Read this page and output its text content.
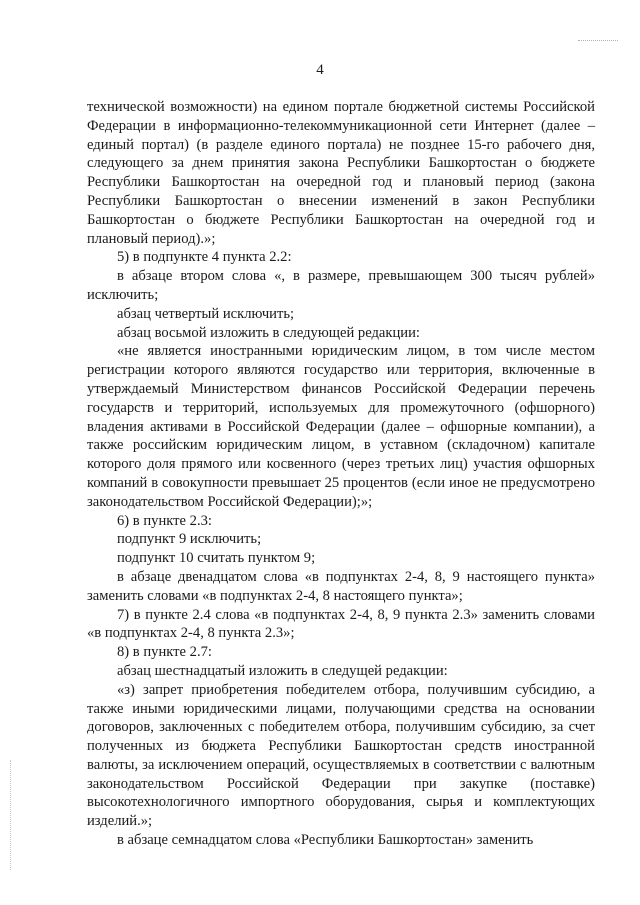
4

технической возможности) на едином портале бюджетной системы Российской Федерации в информационно-телекоммуникационной сети Интернет (далее – единый портал) (в разделе единого портала) не позднее 15-го рабочего дня, следующего за днем принятия закона Республики Башкортостан о бюджете Республики Башкортостан на очередной год и плановый период (закона Республики Башкортостан о внесении изменений в закон Республики Башкортостан о бюджете Республики Башкортостан на очередной год и плановый период).»;

5) в подпункте 4 пункта 2.2:

в абзаце втором слова «, в размере, превышающем 300 тысяч рублей» исключить;

абзац четвертый исключить;

абзац восьмой изложить в следующей редакции:

«не является иностранными юридическим лицом, в том числе местом регистрации которого являются государство или территория, включенные в утверждаемый Министерством финансов Российской Федерации перечень государств и территорий, используемых для промежуточного (офшорного) владения активами в Российской Федерации (далее – офшорные компании), а также российским юридическим лицом, в уставном (складочном) капитале которого доля прямого или косвенного (через третьих лиц) участия офшорных компаний в совокупности превышает 25 процентов (если иное не предусмотрено законодательством Российской Федерации);»;

6) в пункте 2.3:

подпункт 9 исключить;

подпункт 10 считать пунктом 9;

в абзаце двенадцатом слова «в подпунктах 2-4, 8, 9 настоящего пункта» заменить словами «в подпунктах 2-4, 8 настоящего пункта»;

7) в пункте 2.4 слова «в подпунктах 2-4, 8, 9 пункта 2.3» заменить словами «в подпунктах 2-4, 8 пункта 2.3»;

8) в пункте 2.7:

абзац шестнадцатый изложить в следущей редакции:

«з) запрет приобретения победителем отбора, получившим субсидию, а также иными юридическими лицами, получающими средства на основании договоров, заключенных с победителем отбора, получившим субсидию, за счет полученных из бюджета Республики Башкортостан средств иностранной валюты, за исключением операций, осуществляемых в соответствии с валютным законодательством Российской Федерации при закупке (поставке) высокотехнологичного импортного оборудования, сырья и комплектующих изделий.»;

в абзаце семнадцатом слова «Республики Башкортостан» заменить
